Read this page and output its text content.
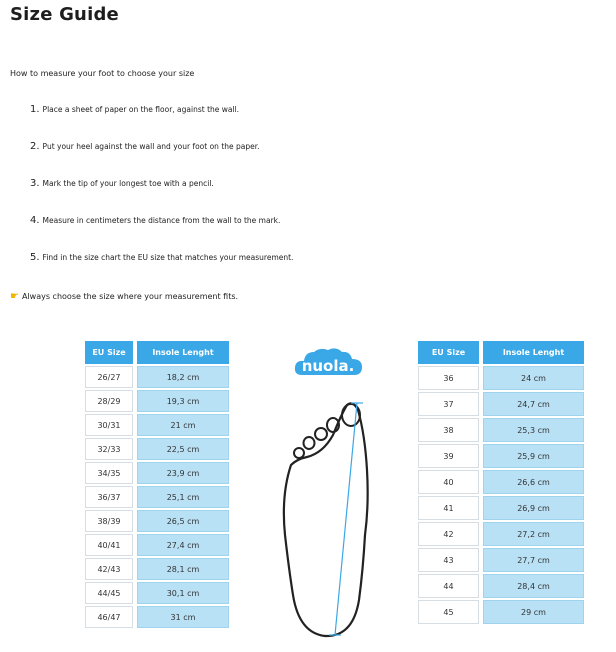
Size Guide
How to measure your foot to choose your size
1. Place a sheet of paper on the floor, against the wall.
2. Put your heel against the wall and your foot on the paper.
3. Mark the tip of your longest toe with a pencil.
4. Measure in centimeters the distance from the wall to the mark.
5. Find in the size chart the EU size that matches your measurement.
☛ Always choose the size where your measurement fits.
EU Size	Insole Lenght
26/27	18,2 cm
28/29	19,3 cm
30/31	21 cm
32/33	22,5 cm
34/35	23,9 cm
36/37	25,1 cm
38/39	26,5 cm
40/41	27,4 cm
42/43	28,1 cm
44/45	30,1 cm
46/47	31 cm
nuola.
EU Size	Insole Lenght
36	24 cm
37	24,7 cm
38	25,3 cm
39	25,9 cm
40	26,6 cm
41	26,9 cm
42	27,2 cm
43	27,7 cm
44	28,4 cm
45	29 cm
